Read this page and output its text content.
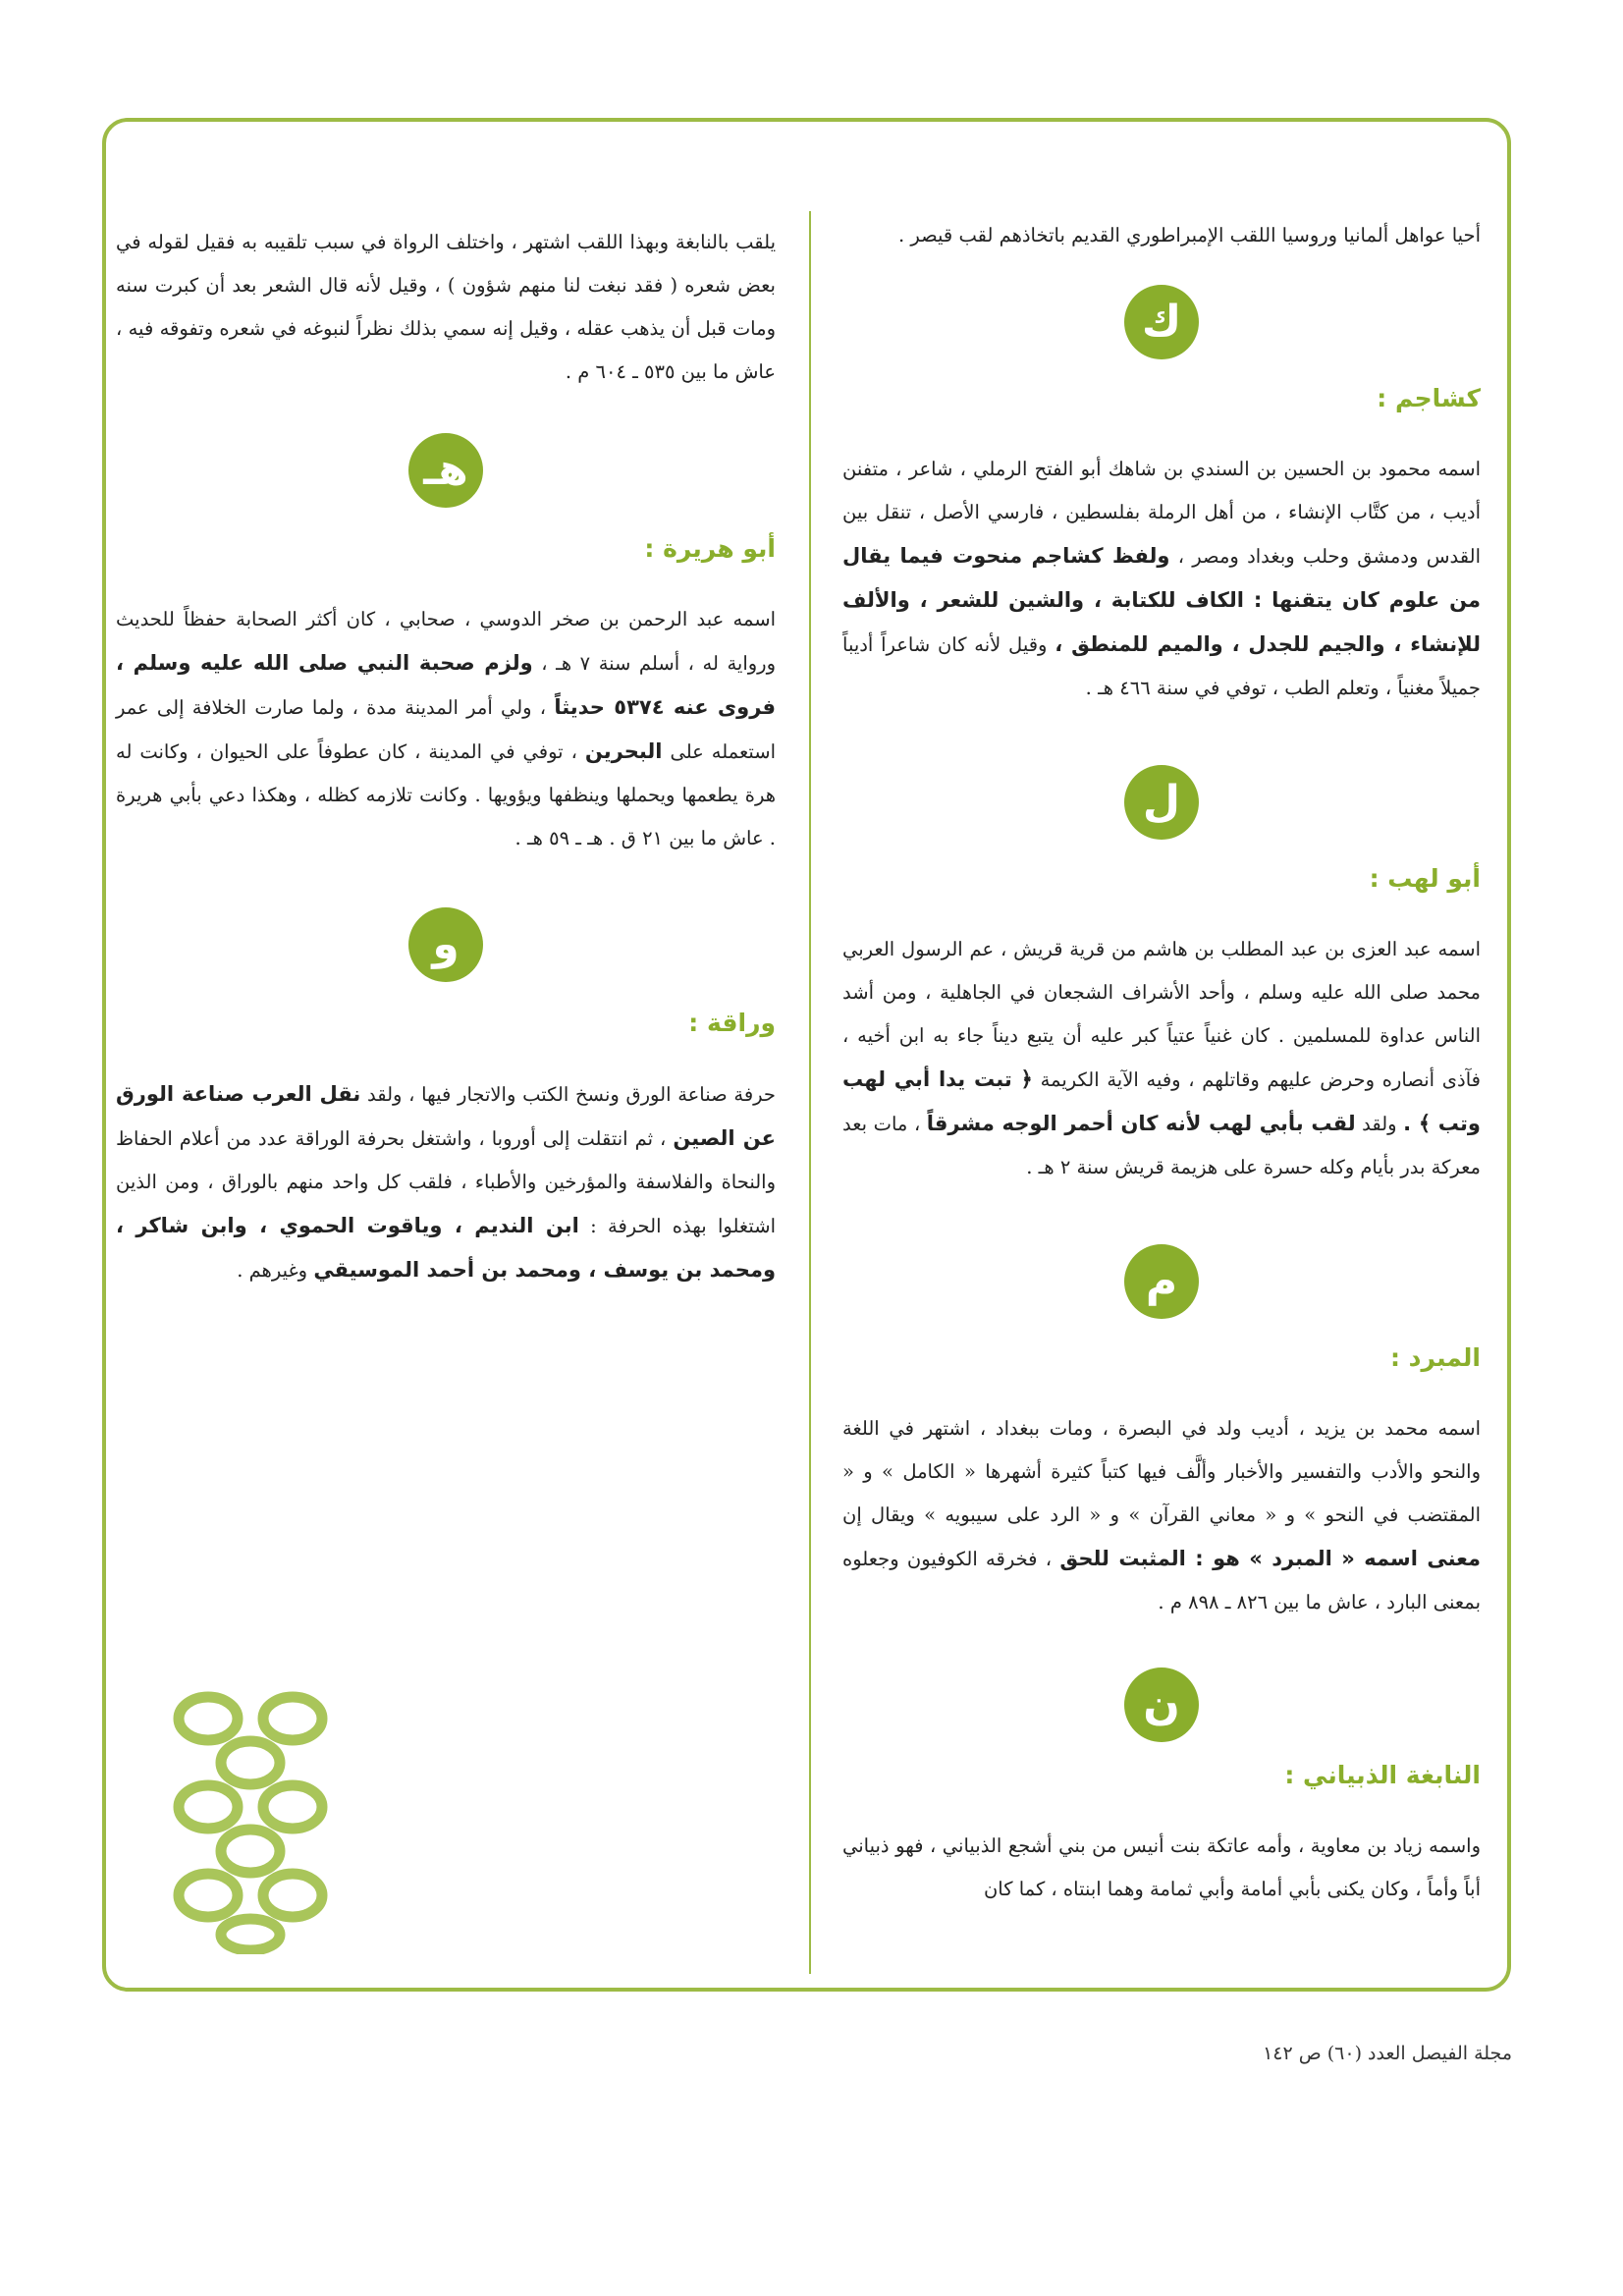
أحيا عواهل ألمانيا وروسيا اللقب الإمبراطوري القديم باتخاذهم لقب قيصر .

ك
كشاجم :

اسمه محمود بن الحسين بن السندي بن شاهك أبو الفتح الرملي ، شاعر ، متفنن أديب ، من كتَّاب الإنشاء ، من أهل الرملة بفلسطين ، فارسي الأصل ، تنقل بين القدس ودمشق وحلب وبغداد ومصر ، ولفظ كشاجم منحوت فيما يقال من علوم كان يتقنها : الكاف للكتابة ، والشين للشعر ، والألف للإنشاء ، والجيم للجدل ، والميم للمنطق ، وقيل لأنه كان شاعراً أديباً جميلاً مغنياً ، وتعلم الطب ، توفي في سنة ٤٦٦ هـ .

ل
أبو لهب :

اسمه عبد العزى بن عبد المطلب بن هاشم من قرية قريش ، عم الرسول العربي محمد صلى الله عليه وسلم ، وأحد الأشراف الشجعان في الجاهلية ، ومن أشد الناس عداوة للمسلمين . كان غنياً عتياً كبر عليه أن يتبع ديناً جاء به ابن أخيه ، فآذى أنصاره وحرض عليهم وقاتلهم ، وفيه الآية الكريمة ﴿ تبت يدا أبي لهب وتب ﴾ . ولقد لقب بأبي لهب لأنه كان أحمر الوجه مشرقاً ، مات بعد معركة بدر بأيام وكله حسرة على هزيمة قريش سنة ٢ هـ .

م
المبرد :

اسمه محمد بن يزيد ، أديب ولد في البصرة ، ومات ببغداد ، اشتهر في اللغة والنحو والأدب والتفسير والأخبار وألَّف فيها كتباً كثيرة أشهرها « الكامل » و « المقتضب في النحو » و « معاني القرآن » و « الرد على سيبويه » ويقال إن معنى اسمه « المبرد » هو : المثبت للحق ، فخرقه الكوفيون وجعلوه بمعنى البارد ، عاش ما بين ٨٢٦ ـ ٨٩٨ م .

ن
النابغة الذبياني :

واسمه زياد بن معاوية ، وأمه عاتكة بنت أنيس من بني أشجع الذبياني ، فهو ذبياني أباً وأماً ، وكان يكنى بأبي أمامة وأبي ثمامة وهما ابنتاه ، كما كان

يلقب بالنابغة وبهذا اللقب اشتهر ، واختلف الرواة في سبب تلقيبه به فقيل لقوله في بعض شعره ( فقد نبغت لنا منهم شؤون ) ، وقيل لأنه قال الشعر بعد أن كبرت سنه ومات قبل أن يذهب عقله ، وقيل إنه سمي بذلك نظراً لنبوغه في شعره وتفوقه فيه ، عاش ما بين ٥٣٥ ـ ٦٠٤ م .

هـ
أبو هريرة :

اسمه عبد الرحمن بن صخر الدوسي ، صحابي ، كان أكثر الصحابة حفظاً للحديث ورواية له ، أسلم سنة ٧ هـ ، ولزم صحبة النبي صلى الله عليه وسلم ، فروى عنه ٥٣٧٤ حديثاً ، ولي أمر المدينة مدة ، ولما صارت الخلافة إلى عمر استعمله على البحرين ، توفي في المدينة ، كان عطوفاً على الحيوان ، وكانت له هرة يطعمها ويحملها وينظفها ويؤويها . وكانت تلازمه كظله ، وهكذا دعي بأبي هريرة . عاش ما بين ٢١ ق . هـ ـ ٥٩ هـ .

و
وراقة :

حرفة صناعة الورق ونسخ الكتب والاتجار فيها ، ولقد نقل العرب صناعة الورق عن الصين ، ثم انتقلت إلى أوروبا ، واشتغل بحرفة الوراقة عدد من أعلام الحفاظ والنحاة والفلاسفة والمؤرخين والأطباء ، فلقب كل واحد منهم بالوراق ، ومن الذين اشتغلوا بهذه الحرفة : ابن النديم ، وياقوت الحموي ، وابن شاكر ، ومحمد بن يوسف ، ومحمد بن أحمد الموسيقي وغيرهم .

مجلة الفيصل العدد (٦٠) ص ١٤٢
